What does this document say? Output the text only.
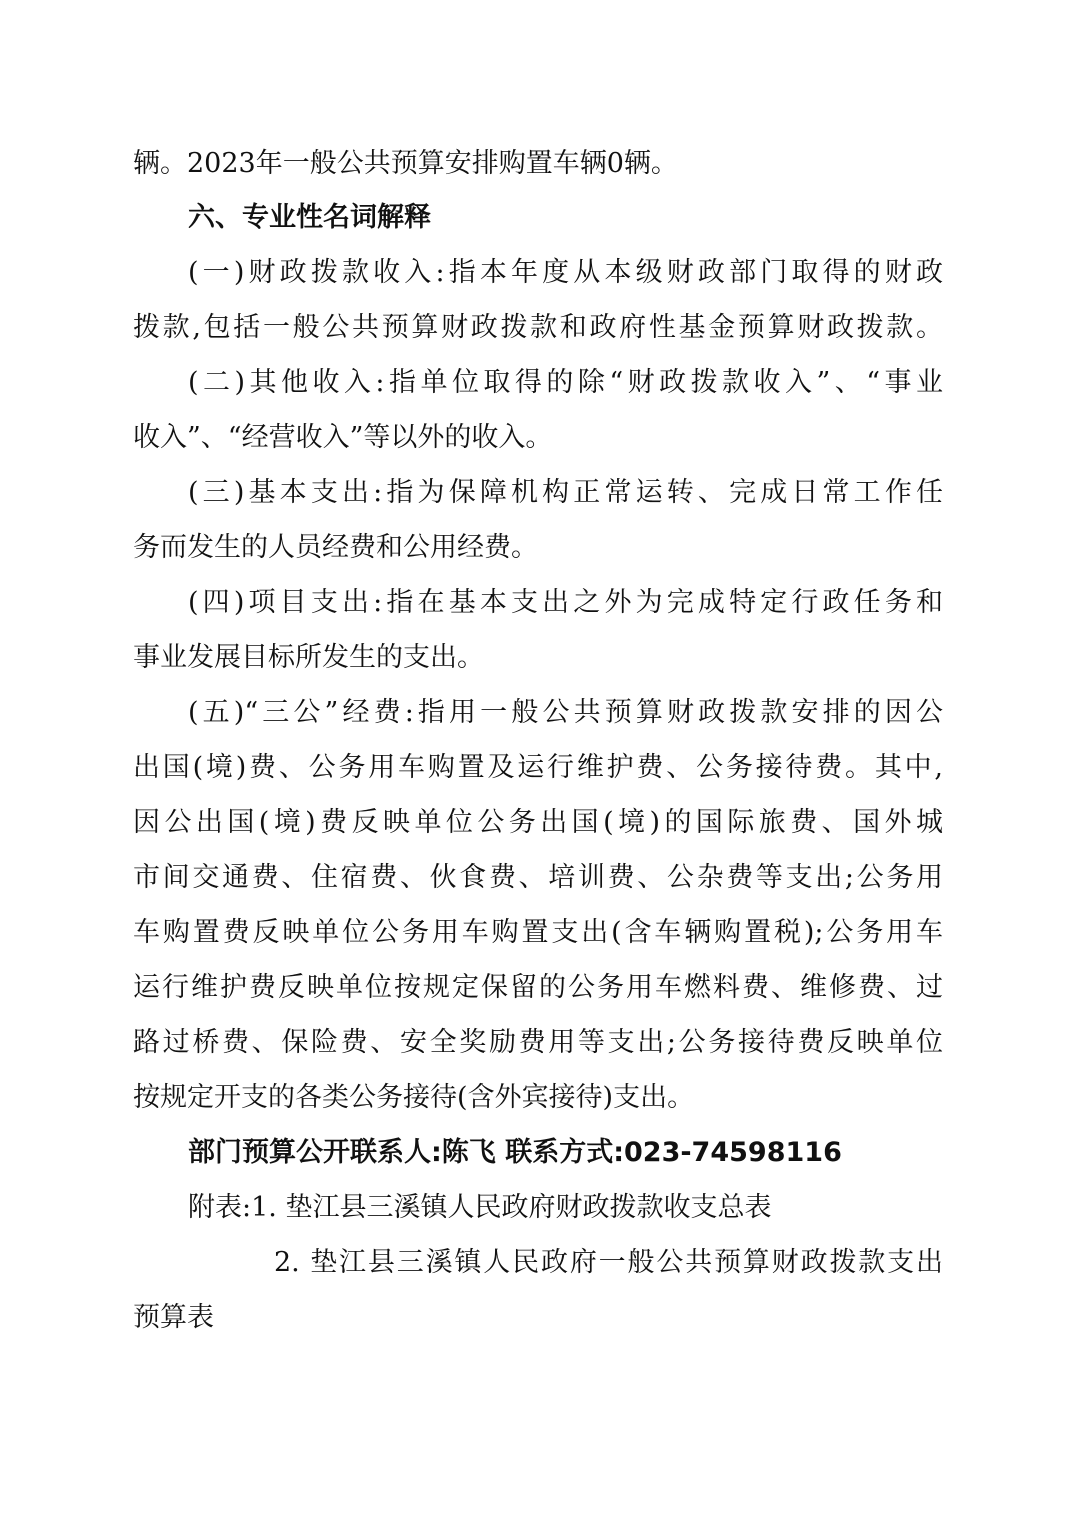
辆。2023年一般公共预算安排购置车辆0辆。
六、专业性名词解释
(一)财政拨款收入:指本年度从本级财政部门取得的财政
拨款,包括一般公共预算财政拨款和政府性基金预算财政拨款。
(二)其他收入:指单位取得的除“财政拨款收入”、“事业
收入”、“经营收入”等以外的收入。
(三)基本支出:指为保障机构正常运转、完成日常工作任
务而发生的人员经费和公用经费。
(四)项目支出:指在基本支出之外为完成特定行政任务和
事业发展目标所发生的支出。
(五)“三公”经费:指用一般公共预算财政拨款安排的因公
出国(境)费、公务用车购置及运行维护费、公务接待费。其中,
因公出国(境)费反映单位公务出国(境)的国际旅费、国外城
市间交通费、住宿费、伙食费、培训费、公杂费等支出;公务用
车购置费反映单位公务用车购置支出(含车辆购置税);公务用车
运行维护费反映单位按规定保留的公务用车燃料费、维修费、过
路过桥费、保险费、安全奖励费用等支出;公务接待费反映单位
按规定开支的各类公务接待(含外宾接待)支出。
部门预算公开联系人:陈飞 联系方式:023-74598116
附表:1. 垫江县三溪镇人民政府财政拨款收支总表
2. 垫江县三溪镇人民政府一般公共预算财政拨款支出
预算表
